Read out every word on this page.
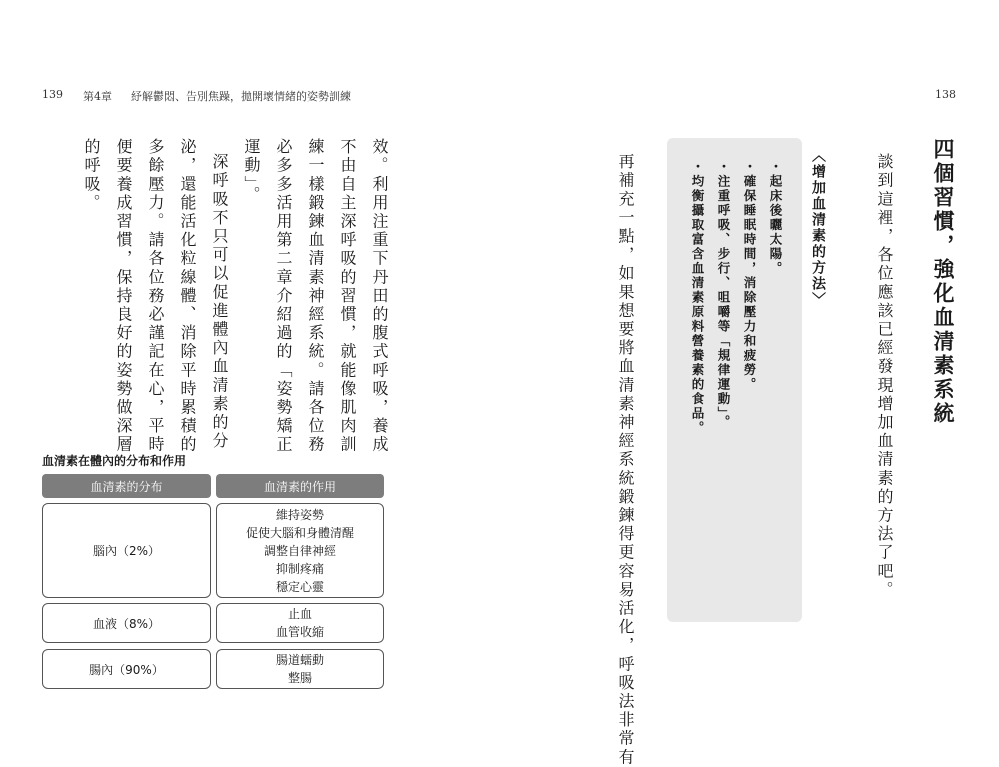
139 第4章 紓解鬱悶、告別焦躁，拋開壞情緒的姿勢訓練	138
效。利用注重下丹田的腹式呼吸，養成
不由自主深呼吸的習慣，就能像肌肉訓
練一樣鍛鍊血清素神經系統。請各位務
必多多活用第二章介紹過的「姿勢矯正
運動」。
深呼吸不只可以促進體內血清素的分
泌，還能活化粒線體、消除平時累積的
多餘壓力。請各位務必謹記在心，平時
便要養成習慣，保持良好的姿勢做深層
的呼吸。
血清素在體內的分布和作用
血清素的分布	血清素的作用
腦內（2%）
維持姿勢
促使大腦和身體清醒
調整自律神經
抑制疼痛
穩定心靈
血液（8%）
止血
血管收縮
腸內（90%）
腸道蠕動
整腸
四個習慣，強化血清素系統
談到這裡，各位應該已經發現增加血清素的方法了吧。
〈增加血清素的方法〉
・起床後曬太陽。
・確保睡眠時間，消除壓力和疲勞。
・注重呼吸、步行、咀嚼等「規律運動」。
・均衡攝取富含血清素原料營養素的食品。
再補充一點，如果想要將血清素神經系統鍛鍊得更容易活化，呼吸法非常有
